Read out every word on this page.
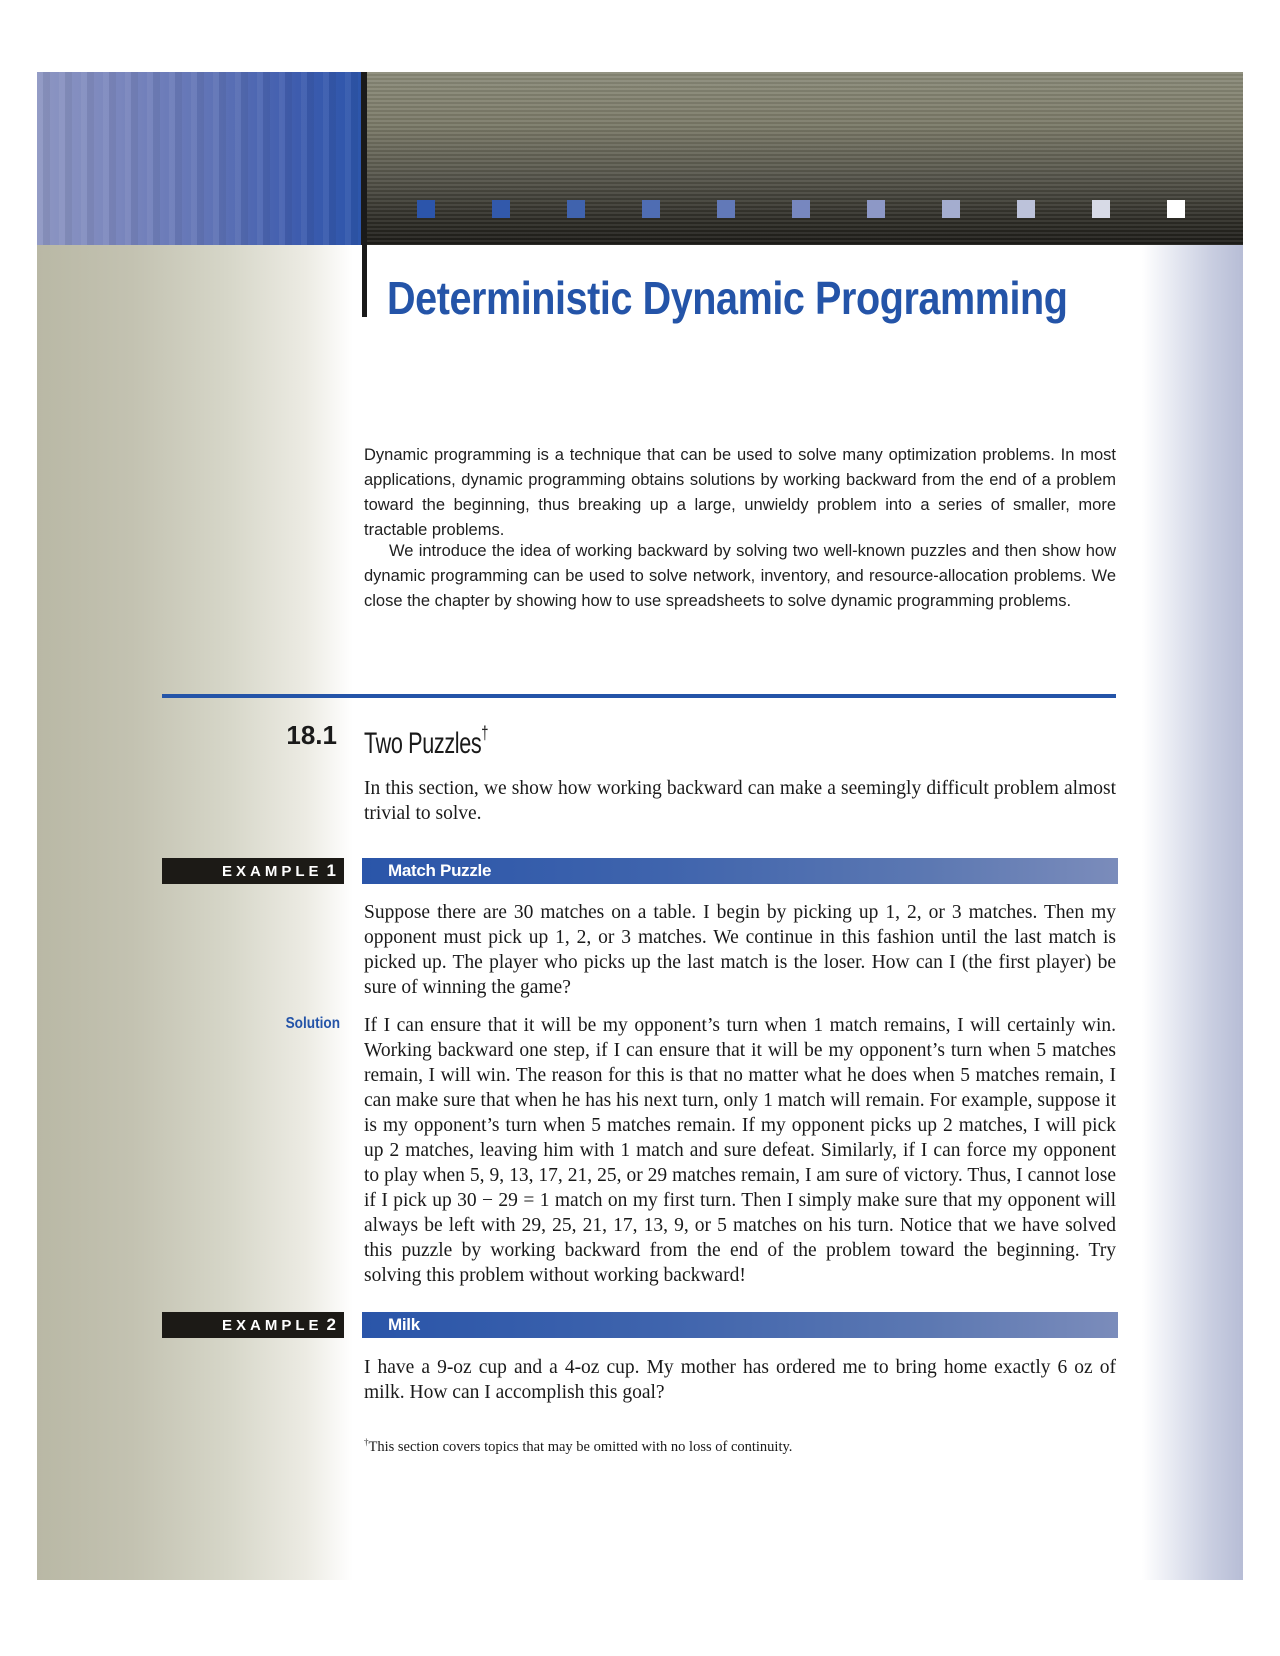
Deterministic Dynamic Programming

Dynamic programming is a technique that can be used to solve many optimization problems. In most applications, dynamic programming obtains solutions by working backward from the end of a problem toward the beginning, thus breaking up a large, unwieldy problem into a series of smaller, more tractable problems.

We introduce the idea of working backward by solving two well-known puzzles and then show how dynamic programming can be used to solve network, inventory, and resource-allocation problems. We close the chapter by showing how to use spreadsheets to solve dynamic programming problems.

18.1 Two Puzzles†

In this section, we show how working backward can make a seemingly difficult problem almost trivial to solve.

EXAMPLE 1	Match Puzzle

Suppose there are 30 matches on a table. I begin by picking up 1, 2, or 3 matches. Then my opponent must pick up 1, 2, or 3 matches. We continue in this fashion until the last match is picked up. The player who picks up the last match is the loser. How can I (the first player) be sure of winning the game?

Solution If I can ensure that it will be my opponent’s turn when 1 match remains, I will certainly win. Working backward one step, if I can ensure that it will be my opponent’s turn when 5 matches remain, I will win. The reason for this is that no matter what he does when 5 matches remain, I can make sure that when he has his next turn, only 1 match will remain. For example, suppose it is my opponent’s turn when 5 matches remain. If my opponent picks up 2 matches, I will pick up 2 matches, leaving him with 1 match and sure defeat. Similarly, if I can force my opponent to play when 5, 9, 13, 17, 21, 25, or 29 matches remain, I am sure of victory. Thus, I cannot lose if I pick up 30 − 29 = 1 match on my first turn. Then I simply make sure that my opponent will always be left with 29, 25, 21, 17, 13, 9, or 5 matches on his turn. Notice that we have solved this puzzle by working backward from the end of the problem toward the beginning. Try solving this problem without working backward!

EXAMPLE 2	Milk

I have a 9-oz cup and a 4-oz cup. My mother has ordered me to bring home exactly 6 oz of milk. How can I accomplish this goal?

†This section covers topics that may be omitted with no loss of continuity.
